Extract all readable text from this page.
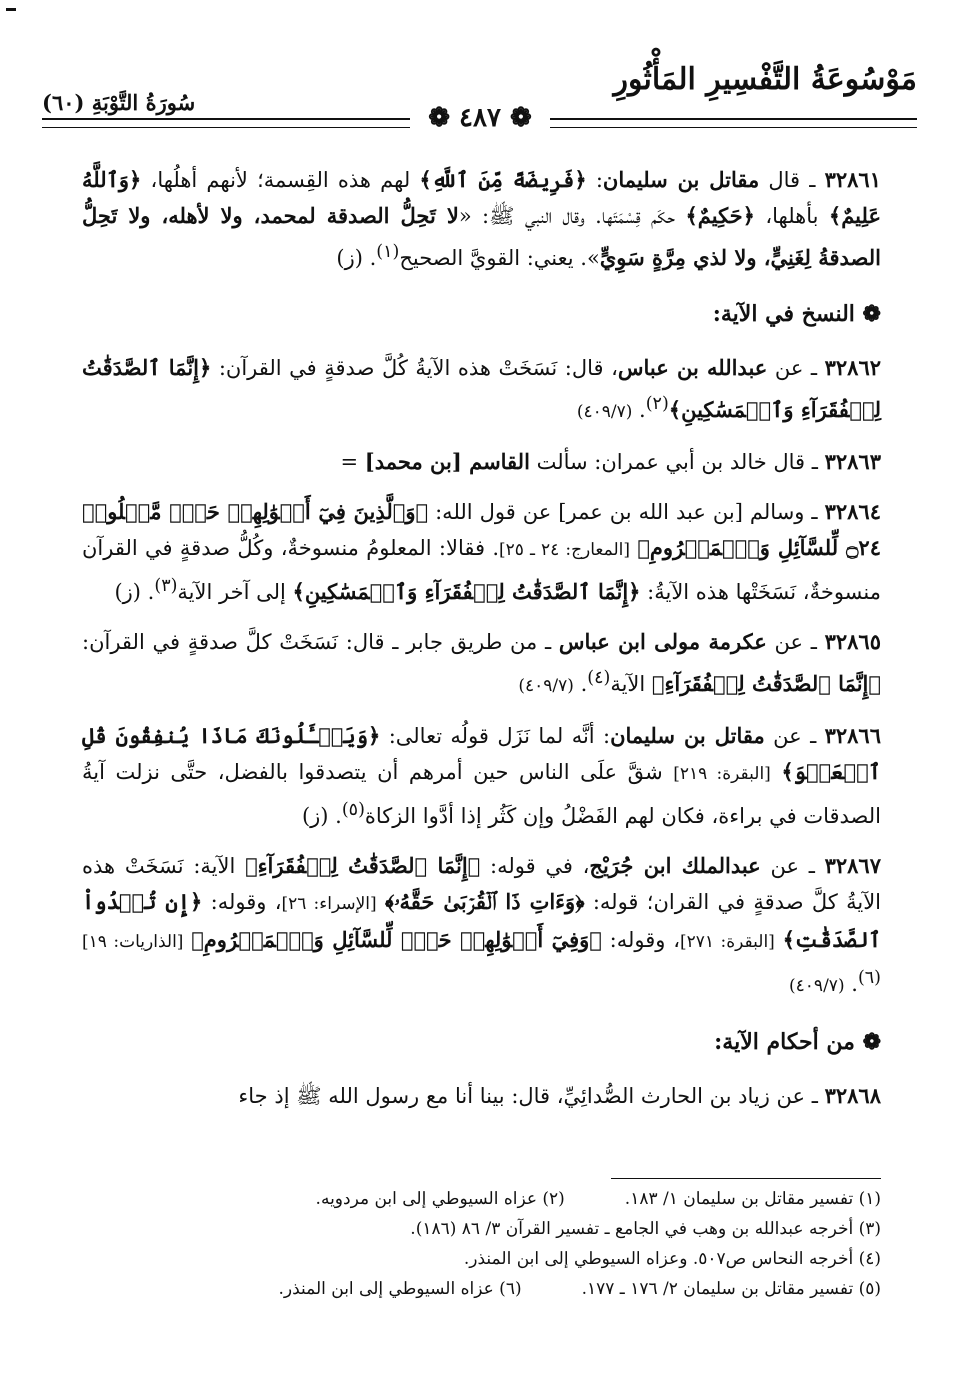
مَوْسُوعَةُ التَّفْسِيرِ المَأْثُورِ
سُورَةُ التَّوْبَةِ (٦٠)
❁ ٤٨٧ ❁

٣٢٨٦١ ـ قال مقاتل بن سليمان: ﴿فَرِيضَةً مِّنَ ٱللَّهِ﴾ لهم هذه القِسمة؛ لأنهم أهلُها، ﴿وَٱللَّهُ عَلِيمٌ﴾ بأهلها، ﴿حَكِيمٌ﴾ حكَم قِسْمَتَها. وقال النبي ﷺ: «لا تَحِلُّ الصدقة لمحمد، ولا لأهله، ولا تَحِلُّ الصدقةُ لِغَنِيٍّ، ولا لذي مِرَّةٍ سَوِيٍّ». يعني: القويَّ الصحيح$^{(١)}$. (ز)

❁ النسخ في الآية:

٣٢٨٦٢ ـ عن عبدالله بن عباس، قال: نَسَخَتْ هذه الآيةُ كُلَّ صدقةٍ في القرآن: ﴿إِنَّمَا ٱلصَّدَقَٰتُ لِلۡفُقَرَآءِ وَٱلۡمَسَٰكِينِ﴾$^{(٢)}$. (٤٠٩/٧)

٣٢٨٦٣ ـ قال خالد بن أبي عمران: سألت القاسم [بن محمد] =

٣٢٨٦٤ ـ وسالم [بن عبد الله بن عمر] عن قول الله: ﴿وَٱلَّذِينَ فِيٓ أَمۡوَٰلِهِمۡ حَقّٞ مَّعۡلُومٞ ۝٢٤ لِّلسَّآئِلِ وَٱلۡمَحۡرُومِ﴾ [المعارج: ٢٤ ـ ٢٥]. فقالا: المعلومُ منسوخةٌ، وكُلُّ صدقةٍ في القرآن منسوخةٌ، نَسَخَتْها هذه الآيةُ: ﴿إِنَّمَا ٱلصَّدَقَٰتُ لِلۡفُقَرَآءِ وَٱلۡمَسَٰكِينِ﴾ إلى آخر الآية$^{(٣)}$. (ز)

٣٢٨٦٥ ـ عن عكرمة مولى ابن عباس ـ من طريق جابر ـ قال: نَسَخَتْ كلَّ صدقةٍ في القرآن: ﴿إِنَّمَا ٱلصَّدَقَٰتُ لِلۡفُقَرَآءِ﴾ الآية$^{(٤)}$. (٤٠٩/٧)

٣٢٨٦٦ ـ عن مقاتل بن سليمان: أنَّه لما نَزَل قولُه تعالى: ﴿وَيَسۡـَٔلُونَكَ مَاذَا يُنفِقُونَ قُلِ ٱلۡعَفۡوَ﴾ [البقرة: ٢١٩] شقَّ علَى الناس حين أمرهم أن يتصدقوا بالفضل، حتَّى نزلت آيةُ الصدقات في براءة، فكان لهم الفَضْلُ وإن كَثُر إذا أدَّوا الزكاة$^{(٥)}$. (ز)

٣٢٨٦٧ ـ عن عبدالملك ابن جُرَيْج، في قوله: ﴿إِنَّمَا ٱلصَّدَقَٰتُ لِلۡفُقَرَآءِ﴾ الآية: نَسَخَتْ هذه الآيةُ كلَّ صدقةٍ في القران؛ قوله: ﴿وَءَاتِ ذَا ٱلۡقُرۡبَىٰ حَقَّهُۥ﴾ [الإسراء: ٢٦]، وقوله: ﴿إِن تُبۡدُواْ ٱلصَّدَقَٰتِ﴾ [البقرة: ٢٧١]، وقوله: ﴿وَفِيٓ أَمۡوَٰلِهِمۡ حَقّٞ لِّلسَّآئِلِ وَٱلۡمَحۡرُومِ﴾ [الذاريات: ١٩]$^{(٦)}$. (٤٠٩/٧)

❁ من أحكام الآية:

٣٢٨٦٨ ـ عن زياد بن الحارث الصُّدائِيِّ، قال: بينا أنا مع رسول الله ﷺ إذ جاء

(١) تفسير مقاتل بن سليمان ١/ ١٨٣.
(٢) عزاه السيوطي إلى ابن مردويه.
(٣) أخرجه عبدالله بن وهب في الجامع ـ تفسير القرآن ٣/ ٨٦ (١٨٦).
(٤) أخرجه النحاس ص٥٠٧. وعزاه السيوطي إلى ابن المنذر.
(٥) تفسير مقاتل بن سليمان ٢/ ١٧٦ ـ ١٧٧.
(٦) عزاه السيوطي إلى ابن المنذر.
